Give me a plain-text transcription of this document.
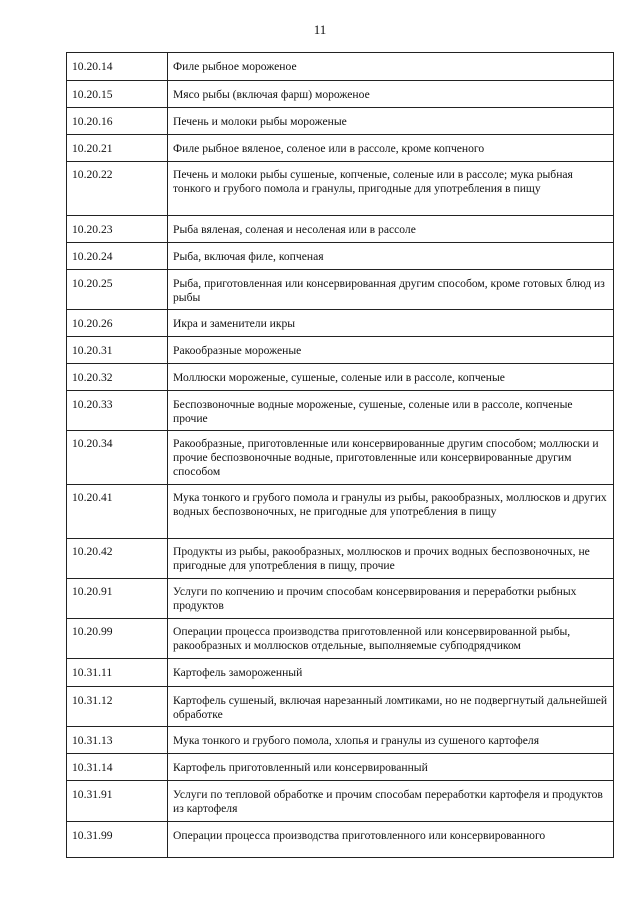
11
10.20.14	Филе рыбное мороженое
10.20.15	Мясо рыбы (включая фарш) мороженое
10.20.16	Печень и молоки рыбы мороженые
10.20.21	Филе рыбное вяленое, соленое или в рассоле, кроме копченого
10.20.22	Печень и молоки рыбы сушеные, копченые, соленые или в рассоле; мука рыбная тонкого и грубого помола и гранулы, пригодные для употребления в пищу
10.20.23	Рыба вяленая, соленая и несоленая или в рассоле
10.20.24	Рыба, включая филе, копченая
10.20.25	Рыба, приготовленная или консервированная другим способом, кроме готовых блюд из рыбы
10.20.26	Икра и заменители икры
10.20.31	Ракообразные мороженые
10.20.32	Моллюски мороженые, сушеные, соленые или в рассоле, копченые
10.20.33	Беспозвоночные водные мороженые, сушеные, соленые или в рассоле, копченые прочие
10.20.34	Ракообразные, приготовленные или консервированные другим способом; моллюски и прочие беспозвоночные водные, приготовленные или консервированные другим способом
10.20.41	Мука тонкого и грубого помола и гранулы из рыбы, ракообразных, моллюсков и других водных беспозвоночных, не пригодные для употребления в пищу
10.20.42	Продукты из рыбы, ракообразных, моллюсков и прочих водных беспозвоночных, не пригодные для употребления в пищу, прочие
10.20.91	Услуги по копчению и прочим способам консервирования и переработки рыбных продуктов
10.20.99	Операции процесса производства приготовленной или консервированной рыбы, ракообразных и моллюсков отдельные, выполняемые субподрядчиком
10.31.11	Картофель замороженный
10.31.12	Картофель сушеный, включая нарезанный ломтиками, но не подвергнутый дальнейшей обработке
10.31.13	Мука тонкого и грубого помола, хлопья и гранулы из сушеного картофеля
10.31.14	Картофель приготовленный или консервированный
10.31.91	Услуги по тепловой обработке и прочим способам переработки картофеля и продуктов из картофеля
10.31.99	Операции процесса производства приготовленного или консервированного
